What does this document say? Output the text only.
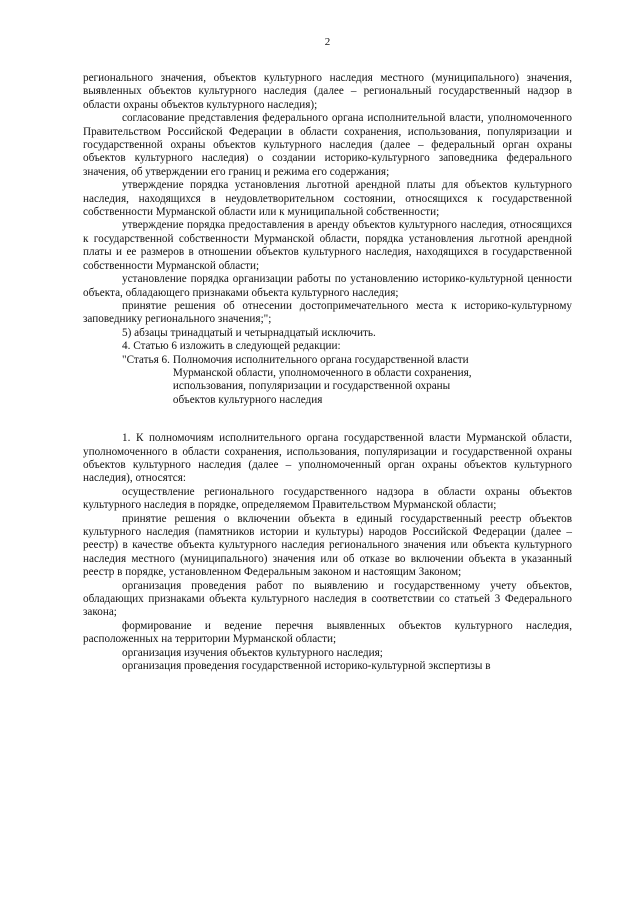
2

регионального значения, объектов культурного наследия местного (муниципального) значения, выявленных объектов культурного наследия (далее – региональный государственный надзор в области охраны объектов культурного наследия);

согласование представления федерального органа исполнительной власти, уполномоченного Правительством Российской Федерации в области сохранения, использования, популяризации и государственной охраны объектов культурного наследия (далее – федеральный орган охраны объектов культурного наследия) о создании историко-культурного заповедника федерального значения, об утверждении его границ и режима его содержания;

утверждение порядка установления льготной арендной платы для объектов культурного наследия, находящихся в неудовлетворительном состоянии, относящихся к государственной собственности Мурманской области или к муниципальной собственности;

утверждение порядка предоставления в аренду объектов культурного наследия, относящихся к государственной собственности Мурманской области, порядка установления льготной арендной платы и ее размеров в отношении объектов культурного наследия, находящихся в государственной собственности Мурманской области;

установление порядка организации работы по установлению историко-культурной ценности объекта, обладающего признаками объекта культурного наследия;

принятие решения об отнесении достопримечательного места к историко-культурному заповеднику регионального значения;";

5) абзацы тринадцатый и четырнадцатый исключить.

4. Статью 6 изложить в следующей редакции:

"Статья 6. Полномочия исполнительного органа государственной власти
Мурманской области, уполномоченного в области сохранения,
использования, популяризации и государственной охраны
объектов культурного наследия

1. К полномочиям исполнительного органа государственной власти Мурманской области, уполномоченного в области сохранения, использования, популяризации и государственной охраны объектов культурного наследия (далее – уполномоченный орган охраны объектов культурного наследия), относятся:

осуществление регионального государственного надзора в области охраны объектов культурного наследия в порядке, определяемом Правительством Мурманской области;

принятие решения о включении объекта в единый государственный реестр объектов культурного наследия (памятников истории и культуры) народов Российской Федерации (далее – реестр) в качестве объекта культурного наследия регионального значения или объекта культурного наследия местного (муниципального) значения или об отказе во включении объекта в указанный реестр в порядке, установленном Федеральным законом и настоящим Законом;

организация проведения работ по выявлению и государственному учету объектов, обладающих признаками объекта культурного наследия в соответствии со статьей 3 Федерального закона;

формирование и ведение перечня выявленных объектов культурного наследия, расположенных на территории Мурманской области;

организация изучения объектов культурного наследия;

организация проведения государственной историко-культурной экспертизы в
